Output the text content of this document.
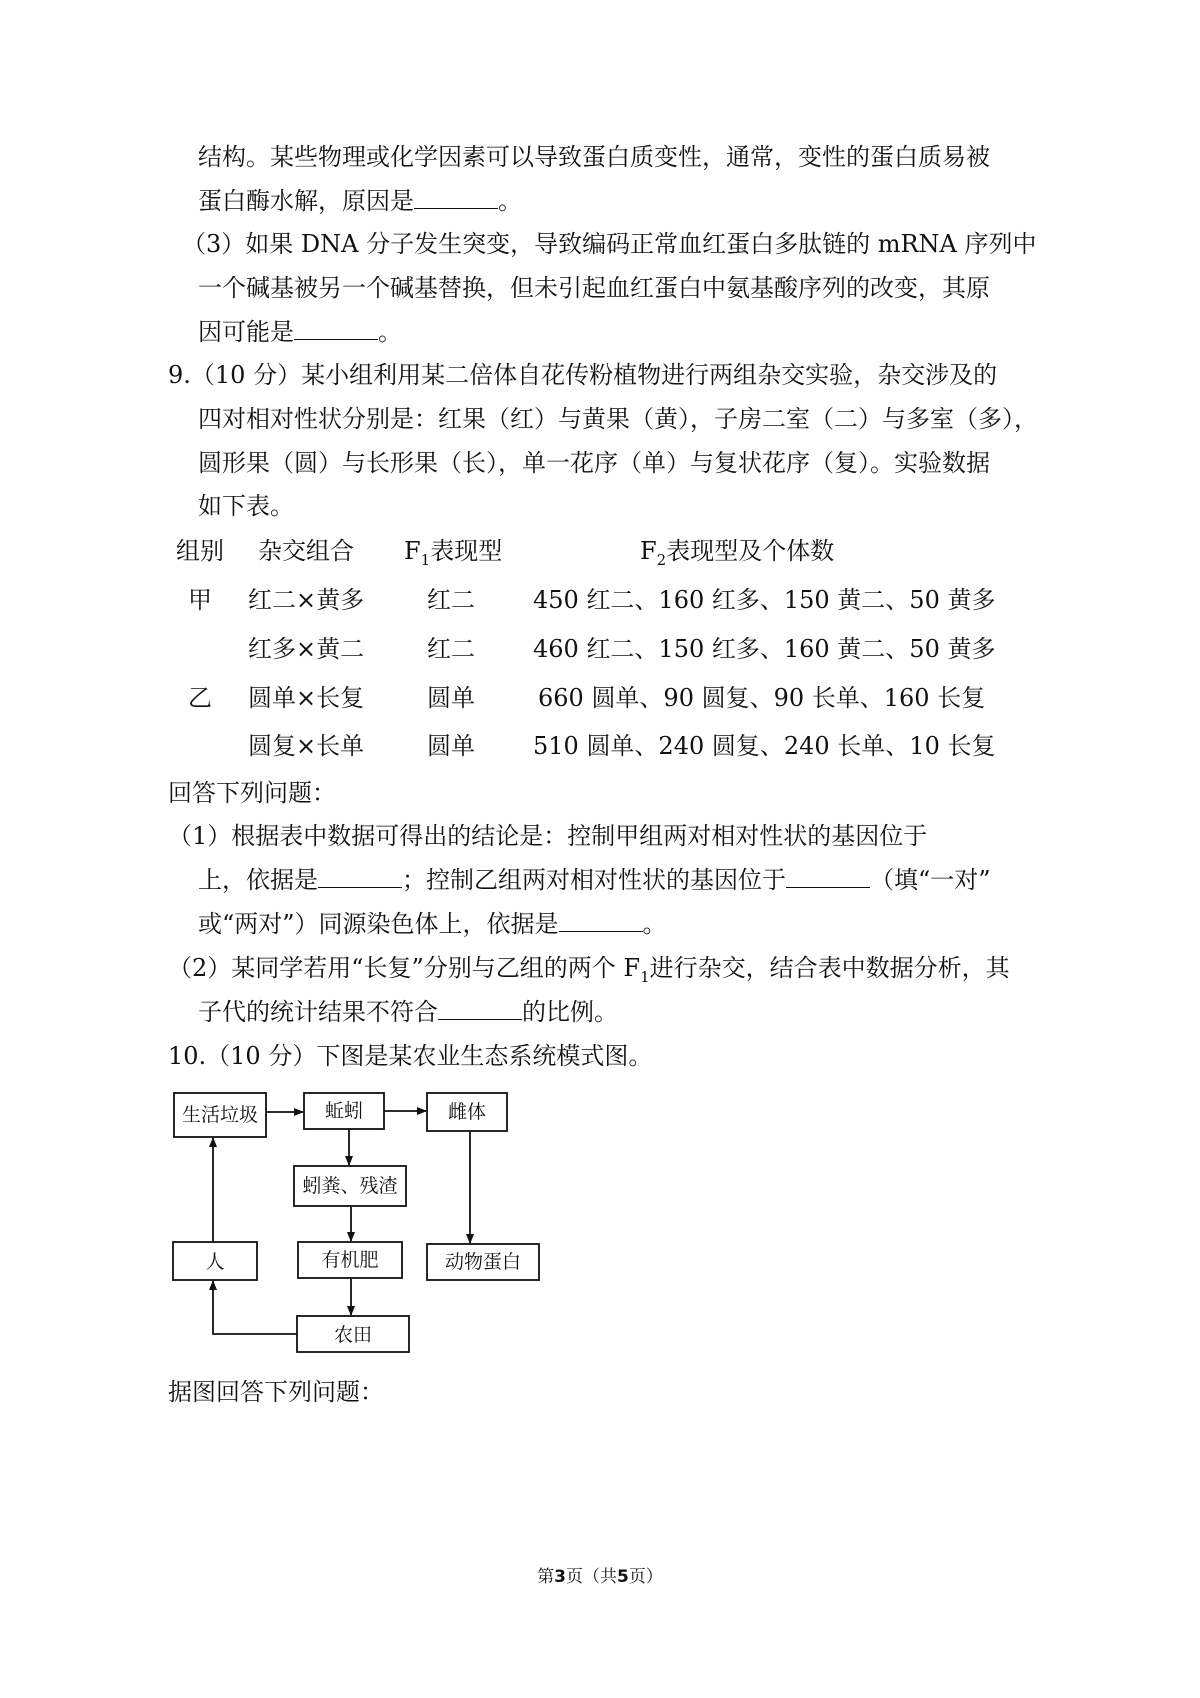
结构。某些物理或化学因素可以导致蛋白质变性，通常，变性的蛋白质易被
蛋白酶水解，原因是	。
（3）如果 DNA 分子发生突变，导致编码正常血红蛋白多肽链的 mRNA 序列中
一个碱基被另一个碱基替换，但未引起血红蛋白中氨基酸序列的改变，其原
因可能是	。
9.（10 分）某小组利用某二倍体自花传粉植物进行两组杂交实验，杂交涉及的
四对相对性状分别是：红果（红）与黄果（黄），子房二室（二）与多室（多），
圆形果（圆）与长形果（长），单一花序（单）与复状花序（复）。实验数据
如下表。
组别 杂交组合 $F_1$表现型	$F_2$表现型及个体数
甲 红二×黄多	红二 450 红二、160 红多、150 黄二、50 黄多
红多×黄二	红二 460 红二、150 红多、160 黄二、50 黄多
乙 圆单×长复	圆单	660 圆单、90 圆复、90 长单、160 长复
圆复×长单	圆单 510 圆单、240 圆复、240 长单、10 长复
回答下列问题：
（1）根据表中数据可得出的结论是：控制甲组两对相对性状的基因位于
上，依据是	；控制乙组两对相对性状的基因位于	（填“一对”
或“两对”）同源染色体上，依据是	。
（2）某同学若用“长复”分别与乙组的两个 $F_1$进行杂交，结合表中数据分析，其
子代的统计结果不符合	的比例。
10.（10 分）下图是某农业生态系统模式图。
生活垃圾	蚯蚓	雌体
蚓粪、残渣
人	有机肥	动物蛋白
农田
据图回答下列问题：
第3页（共5页）
